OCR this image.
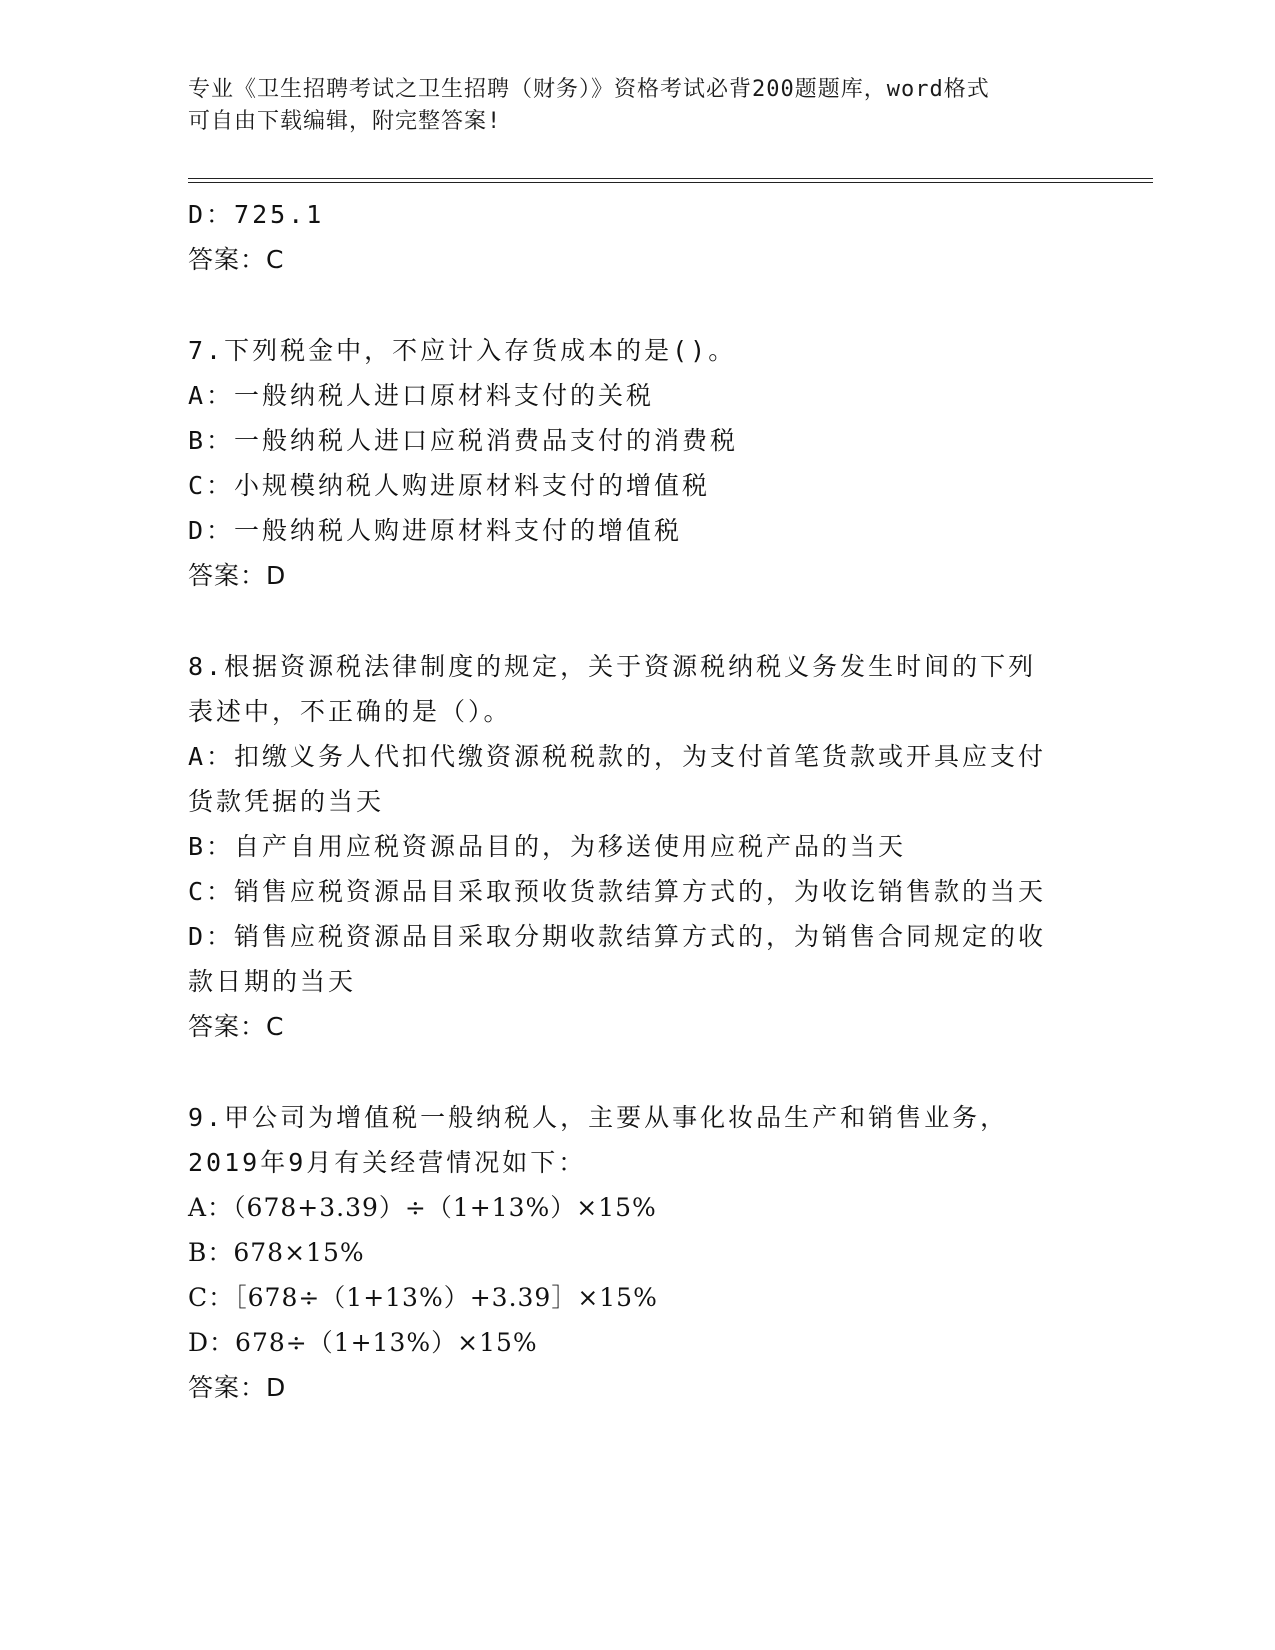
专业《卫生招聘考试之卫生招聘（财务）》资格考试必背200题题库，word格式
可自由下载编辑，附完整答案!
D：725.1
答案：C
7.下列税金中，不应计入存货成本的是()。
A：一般纳税人进口原材料支付的关税
B：一般纳税人进口应税消费品支付的消费税
C：小规模纳税人购进原材料支付的增值税
D：一般纳税人购进原材料支付的增值税
答案：D
8.根据资源税法律制度的规定，关于资源税纳税义务发生时间的下列
表述中，不正确的是（）。
A：扣缴义务人代扣代缴资源税税款的，为支付首笔货款或开具应支付
货款凭据的当天
B：自产自用应税资源品目的，为移送使用应税产品的当天
C：销售应税资源品目采取预收货款结算方式的，为收讫销售款的当天
D：销售应税资源品目采取分期收款结算方式的，为销售合同规定的收
款日期的当天
答案：C
9.甲公司为增值税一般纳税人，主要从事化妆品生产和销售业务，
2019年9月有关经营情况如下：
A：（678+3.39）÷（1+13%）×15%
B：678×15%
C：［678÷（1+13%）+3.39］×15%
D：678÷（1+13%）×15%
答案：D
